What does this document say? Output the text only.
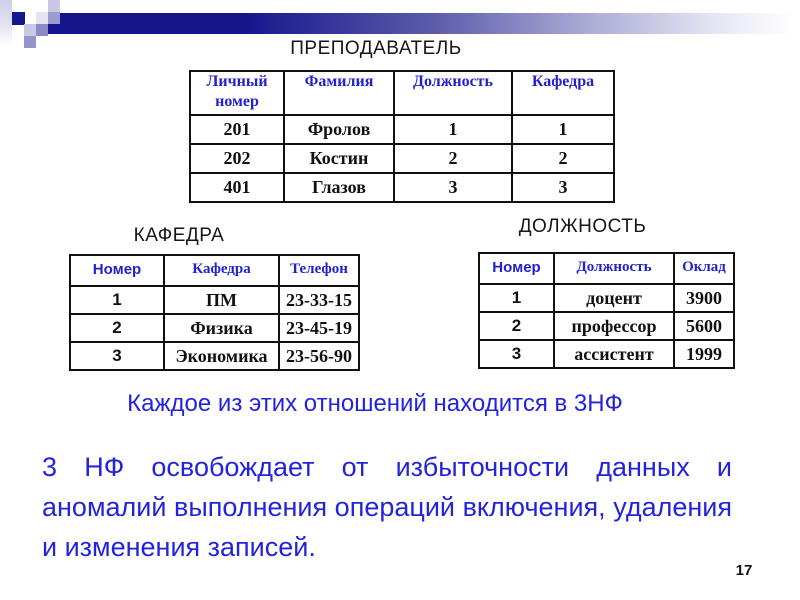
ПРЕПОДАВАТЕЛЬ
Личный номер	Фамилия	Должность	Кафедра
201	Фролов	1	1
202	Костин	2	2
401	Глазов	3	3
КАФЕДРА
Номер	Кафедра	Телефон
1	ПМ	23-33-15
2	Физика	23-45-19
3	Экономика	23-56-90
ДОЛЖНОСТЬ
Номер	Должность	Оклад
1	доцент	3900
2	профессор	5600
3	ассистент	1999
Каждое из этих отношений находится в 3НФ
3 НФ освобождает от избыточности данных и аномалий выполнения операций включения, удаления и изменения записей.
17
